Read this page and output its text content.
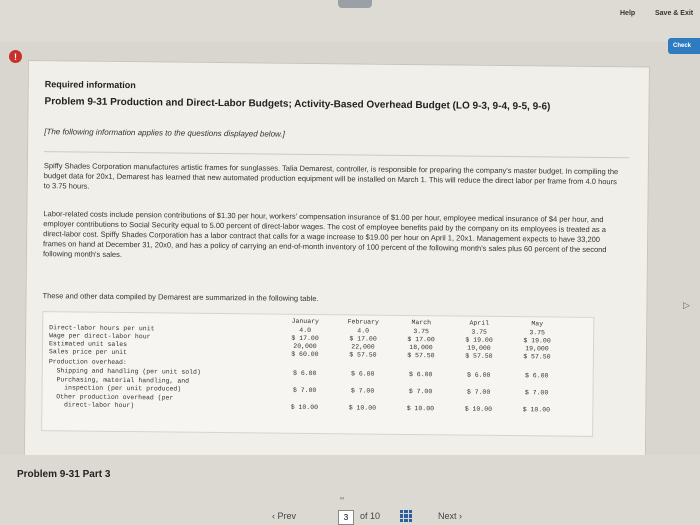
Help	Save & Exit
Check
!
Required information
Problem 9-31 Production and Direct-Labor Budgets; Activity-Based Overhead Budget (LO 9-3, 9-4, 9-5, 9-6)
[The following information applies to the questions displayed below.]
Spiffy Shades Corporation manufactures artistic frames for sunglasses. Talia Demarest, controller, is responsible for preparing the company's master budget. In compiling the budget data for 20x1, Demarest has learned that new automated production equipment will be installed on March 1. This will reduce the direct labor per frame from 4.0 hours to 3.75 hours.
Labor-related costs include pension contributions of $1.30 per hour, workers' compensation insurance of $1.00 per hour, employee medical insurance of $4 per hour, and employer contributions to Social Security equal to 5.00 percent of direct-labor wages. The cost of employee benefits paid by the company on its employees is treated as a direct-labor cost. Spiffy Shades Corporation has a labor contract that calls for a wage increase to $19.00 per hour on April 1, 20x1. Management expects to have 33,200 frames on hand at December 31, 20x0, and has a policy of carrying an end-of-month inventory of 100 percent of the following month's sales plus 60 percent of the second following month's sales.
These and other data compiled by Demarest are summarized in the following table.
January	February	March	April	May
Direct-labor hours per unit	4.0	4.0	3.75	3.75	3.75
Wage per direct-labor hour	$ 17.00	$ 17.00	$ 17.00	$ 19.00	$ 19.00
Estimated unit sales	20,000	22,000	18,000	19,000	19,000
Sales price per unit	$ 60.00	$ 57.50	$ 57.50	$ 57.50	$ 57.50
Production overhead:
Shipping and handling (per unit sold)	$ 6.00	$ 6.00	$ 6.00	$ 6.00	$ 6.00
Purchasing, material handling, and
inspection (per unit produced)	$ 7.00	$ 7.00	$ 7.00	$ 7.00	$ 7.00
Other production overhead (per
direct-labor hour)	$ 10.00	$ 10.00	$ 10.00	$ 10.00	$ 10.00
▷
Problem 9-31 Part 3
∞
‹ Prev	3	of 10	Next ›
